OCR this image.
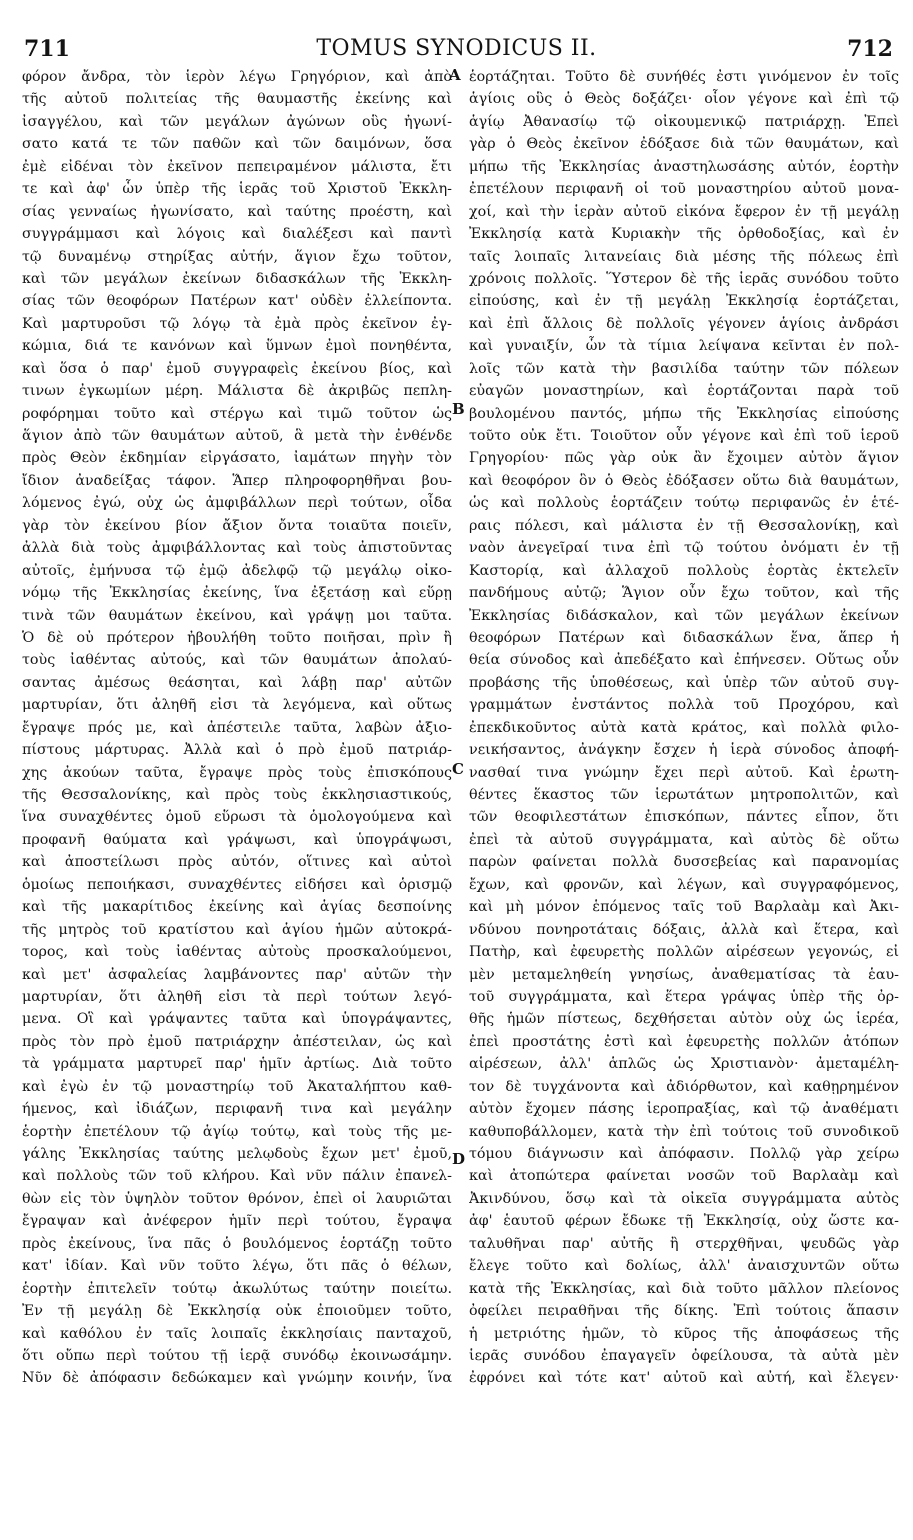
711	TOMUS SYNODICUS II.	712
φόρον ἄνδρα, τὸν ἱερὸν λέγω Γρηγόριον, καὶ ἀπὸ
τῆς αὐτοῦ πολιτείας τῆς θαυμαστῆς ἐκείνης καὶ
ἰσαγγέλου, καὶ τῶν μεγάλων ἀγώνων οὓς ἠγωνί-
σατο κατά τε τῶν παθῶν καὶ τῶν δαιμόνων, ὅσα
ἐμὲ εἰδέναι τὸν ἐκεῖνον πεπειραμένον μάλιστα, ἔτι
τε καὶ ἀφ' ὧν ὑπὲρ τῆς ἱερᾶς τοῦ Χριστοῦ Ἐκκλη-
σίας γενναίως ἠγωνίσατο, καὶ ταύτης προέστη, καὶ
συγγράμμασι καὶ λόγοις καὶ διαλέξεσι καὶ παντὶ
τῷ δυναμένῳ στηρίξας αὐτήν, ἅγιον ἔχω τοῦτον,
καὶ τῶν μεγάλων ἐκείνων διδασκάλων τῆς Ἐκκλη-
σίας τῶν θεοφόρων Πατέρων κατ' οὐδὲν ἐλλείποντα.
Καὶ μαρτυροῦσι τῷ λόγῳ τὰ ἐμὰ πρὸς ἐκεῖνον ἐγ-
κώμια, διά τε κανόνων καὶ ὕμνων ἐμοὶ πονηθέντα,
καὶ ὅσα ὁ παρ' ἐμοῦ συγγραφεὶς ἐκείνου βίος, καὶ
τινων ἐγκωμίων μέρη. Μάλιστα δὲ ἀκριβῶς πεπλη-
ροφόρημαι τοῦτο καὶ στέργω καὶ τιμῶ τοῦτον ὡς
ἅγιον ἀπὸ τῶν θαυμάτων αὐτοῦ, ἃ μετὰ τὴν ἐνθένδε
πρὸς Θεὸν ἐκδημίαν εἰργάσατο, ἰαμάτων πηγὴν τὸν
ἴδιον ἀναδείξας τάφον. Ἅπερ πληροφορηθῆναι βου-
λόμενος ἐγώ, οὐχ ὡς ἀμφιβάλλων περὶ τούτων, οἶδα
γὰρ τὸν ἐκείνου βίον ἄξιον ὄντα τοιαῦτα ποιεῖν,
ἀλλὰ διὰ τοὺς ἀμφιβάλλοντας καὶ τοὺς ἀπιστοῦντας
αὐτοῖς, ἐμήνυσα τῷ ἐμῷ ἀδελφῷ τῷ μεγάλῳ οἰκο-
νόμῳ τῆς Ἐκκλησίας ἐκείνης, ἵνα ἐξετάσῃ καὶ εὕρῃ
τινὰ τῶν θαυμάτων ἐκείνου, καὶ γράψῃ μοι ταῦτα.
Ὁ δὲ οὐ πρότερον ἠβουλήθη τοῦτο ποιῆσαι, πρὶν ἢ
τοὺς ἰαθέντας αὐτούς, καὶ τῶν θαυμάτων ἀπολαύ-
σαντας ἀμέσως θεάσηται, καὶ λάβῃ παρ' αὐτῶν
μαρτυρίαν, ὅτι ἀληθῆ εἰσι τὰ λεγόμενα, καὶ οὕτως
ἔγραψε πρός με, καὶ ἀπέστειλε ταῦτα, λαβὼν ἀξιο-
πίστους μάρτυρας. Ἀλλὰ καὶ ὁ πρὸ ἐμοῦ πατριάρ-
χης ἀκούων ταῦτα, ἔγραψε πρὸς τοὺς ἐπισκόπους
τῆς Θεσσαλονίκης, καὶ πρὸς τοὺς ἐκκλησιαστικούς,
ἵνα συναχθέντες ὁμοῦ εὕρωσι τὰ ὁμολογούμενα καὶ
προφανῆ θαύματα καὶ γράψωσι, καὶ ὑπογράψωσι,
καὶ ἀποστείλωσι πρὸς αὐτόν, οἵτινες καὶ αὐτοὶ
ὁμοίως πεποιήκασι, συναχθέντες εἰδήσει καὶ ὁρισμῷ
καὶ τῆς μακαρίτιδος ἐκείνης καὶ ἁγίας δεσποίνης
τῆς μητρὸς τοῦ κρατίστου καὶ ἁγίου ἡμῶν αὐτοκρά-
τορος, καὶ τοὺς ἰαθέντας αὐτοὺς προσκαλούμενοι,
καὶ μετ' ἀσφαλείας λαμβάνοντες παρ' αὐτῶν τὴν
μαρτυρίαν, ὅτι ἀληθῆ εἰσι τὰ περὶ τούτων λεγό-
μενα. Οἳ καὶ γράψαντες ταῦτα καὶ ὑπογράψαντες,
πρὸς τὸν πρὸ ἐμοῦ πατριάρχην ἀπέστειλαν, ὡς καὶ
τὰ γράμματα μαρτυρεῖ παρ' ἡμῖν ἀρτίως. Διὰ τοῦτο
καὶ ἐγὼ ἐν τῷ μοναστηρίῳ τοῦ Ἀκαταλήπτου καθ-
ήμενος, καὶ ἰδιάζων, περιφανῆ τινα καὶ μεγάλην
ἑορτὴν ἐπετέλουν τῷ ἁγίῳ τούτῳ, καὶ τοὺς τῆς με-
γάλης Ἐκκλησίας ταύτης μελῳδοὺς ἔχων μετ' ἐμοῦ,
καὶ πολλοὺς τῶν τοῦ κλήρου. Καὶ νῦν πάλιν ἐπανελ-
θὼν εἰς τὸν ὑψηλὸν τοῦτον θρόνον, ἐπεὶ οἱ λαυριῶται
ἔγραψαν καὶ ἀνέφερον ἡμῖν περὶ τούτου, ἔγραψα
πρὸς ἐκείνους, ἵνα πᾶς ὁ βουλόμενος ἑορτάζῃ τοῦτο
κατ' ἰδίαν. Καὶ νῦν τοῦτο λέγω, ὅτι πᾶς ὁ θέλων,
ἑορτὴν ἐπιτελεῖν τούτῳ ἀκωλύτως ταύτην ποιείτω.
Ἐν τῇ μεγάλῃ δὲ Ἐκκλησίᾳ οὐκ ἐποιοῦμεν τοῦτο,
καὶ καθόλου ἐν ταῖς λοιπαῖς ἐκκλησίαις πανταχοῦ,
ὅτι οὔπω περὶ τούτου τῇ ἱερᾷ συνόδῳ ἐκοινωσάμην.
Νῦν δὲ ἀπόφασιν δεδώκαμεν καὶ γνώμην κοινήν, ἵνα
ἑορτάζηται. Τοῦτο δὲ συνήθές ἐστι γινόμενον ἐν τοῖς
ἁγίοις οὓς ὁ Θεὸς δοξάζει· οἷον γέγονε καὶ ἐπὶ τῷ
ἁγίῳ Ἀθανασίῳ τῷ οἰκουμενικῷ πατριάρχῃ. Ἐπεὶ
γὰρ ὁ Θεὸς ἐκεῖνον ἐδόξασε διὰ τῶν θαυμάτων, καὶ
μήπω τῆς Ἐκκλησίας ἀναστηλωσάσης αὐτόν, ἑορτὴν
ἐπετέλουν περιφανῆ οἱ τοῦ μοναστηρίου αὐτοῦ μονα-
χοί, καὶ τὴν ἱερὰν αὐτοῦ εἰκόνα ἔφερον ἐν τῇ μεγάλῃ
Ἐκκλησίᾳ κατὰ Κυριακὴν τῆς ὀρθοδοξίας, καὶ ἐν
ταῖς λοιπαῖς λιτανείαις διὰ μέσης τῆς πόλεως ἐπὶ
χρόνοις πολλοῖς. Ὕστερον δὲ τῆς ἱερᾶς συνόδου τοῦτο
εἰπούσης, καὶ ἐν τῇ μεγάλῃ Ἐκκλησίᾳ ἑορτάζεται,
καὶ ἐπὶ ἄλλοις δὲ πολλοῖς γέγονεν ἁγίοις ἀνδράσι
καὶ γυναιξίν, ὧν τὰ τίμια λείψανα κεῖνται ἐν πολ-
λοῖς τῶν κατὰ τὴν βασιλίδα ταύτην τῶν πόλεων
εὐαγῶν μοναστηρίων, καὶ ἑορτάζονται παρὰ τοῦ
βουλομένου παντός, μήπω τῆς Ἐκκλησίας εἰπούσης
τοῦτο οὐκ ἔτι. Τοιοῦτον οὖν γέγονε καὶ ἐπὶ τοῦ ἱεροῦ
Γρηγορίου· πῶς γὰρ οὐκ ἂν ἔχοιμεν αὐτὸν ἅγιον
καὶ θεοφόρον ὃν ὁ Θεὸς ἐδόξασεν οὕτω διὰ θαυμάτων,
ὡς καὶ πολλοὺς ἑορτάζειν τούτῳ περιφανῶς ἐν ἑτέ-
ραις πόλεσι, καὶ μάλιστα ἐν τῇ Θεσσαλονίκῃ, καὶ
ναὸν ἀνεγεῖραί τινα ἐπὶ τῷ τούτου ὀνόματι ἐν τῇ
Καστορίᾳ, καὶ ἀλλαχοῦ πολλοὺς ἑορτὰς ἐκτελεῖν
πανδήμους αὐτῷ; Ἅγιον οὖν ἔχω τοῦτον, καὶ τῆς
Ἐκκλησίας διδάσκαλον, καὶ τῶν μεγάλων ἐκείνων
θεοφόρων Πατέρων καὶ διδασκάλων ἕνα, ἅπερ ἡ
θεία σύνοδος καὶ ἀπεδέξατο καὶ ἐπήνεσεν. Οὕτως οὖν
προβάσης τῆς ὑποθέσεως, καὶ ὑπὲρ τῶν αὐτοῦ συγ-
γραμμάτων ἐνστάντος πολλὰ τοῦ Προχόρου, καὶ
ἐπεκδικοῦντος αὐτὰ κατὰ κράτος, καὶ πολλὰ φιλο-
νεικήσαντος, ἀνάγκην ἔσχεν ἡ ἱερὰ σύνοδος ἀποφή-
νασθαί τινα γνώμην ἔχει περὶ αὐτοῦ. Καὶ ἐρωτη-
θέντες ἕκαστος τῶν ἱερωτάτων μητροπολιτῶν, καὶ
τῶν θεοφιλεστάτων ἐπισκόπων, πάντες εἶπον, ὅτι
ἐπεὶ τὰ αὐτοῦ συγγράμματα, καὶ αὐτὸς δὲ οὕτω
παρὼν φαίνεται πολλὰ δυσσεβείας καὶ παρανομίας
ἔχων, καὶ φρονῶν, καὶ λέγων, καὶ συγγραφόμενος,
καὶ μὴ μόνον ἑπόμενος ταῖς τοῦ Βαρλαὰμ καὶ Ἀκι-
νδύνου πονηροτάταις δόξαις, ἀλλὰ καὶ ἕτερα, καὶ
Πατὴρ, καὶ ἐφευρετὴς πολλῶν αἱρέσεων γεγονώς, εἰ
μὲν μεταμεληθείη γνησίως, ἀναθεματίσας τὰ ἑαυ-
τοῦ συγγράμματα, καὶ ἕτερα γράψας ὑπὲρ τῆς ὀρ-
θῆς ἡμῶν πίστεως, δεχθήσεται αὐτὸν οὐχ ὡς ἱερέα,
ἐπεὶ προστάτης ἐστὶ καὶ ἐφευρετὴς πολλῶν ἀτόπων
αἱρέσεων, ἀλλ' ἁπλῶς ὡς Χριστιανὸν· ἀμεταμέλη-
τον δὲ τυγχάνοντα καὶ ἀδιόρθωτον, καὶ καθῃρημένον
αὐτὸν ἔχομεν πάσης ἱεροπραξίας, καὶ τῷ ἀναθέματι
καθυποβάλλομεν, κατὰ τὴν ἐπὶ τούτοις τοῦ συνοδικοῦ
τόμου διάγνωσιν καὶ ἀπόφασιν. Πολλῷ γὰρ χείρω
καὶ ἀτοπώτερα φαίνεται νοσῶν τοῦ Βαρλαὰμ καὶ
Ἀκινδύνου, ὅσῳ καὶ τὰ οἰκεῖα συγγράμματα αὐτὸς
ἀφ' ἑαυτοῦ φέρων ἔδωκε τῇ Ἐκκλησίᾳ, οὐχ ὥστε κα-
ταλυθῆναι παρ' αὐτῆς ἢ στερχθῆναι, ψευδῶς γὰρ
ἔλεγε τοῦτο καὶ δολίως, ἀλλ' ἀναισχυντῶν οὕτω
κατὰ τῆς Ἐκκλησίας, καὶ διὰ τοῦτο μᾶλλον πλείονος
ὀφείλει πειραθῆναι τῆς δίκης. Ἐπὶ τούτοις ἅπασιν
ἡ μετριότης ἡμῶν, τὸ κῦρος τῆς ἀποφάσεως τῆς
ἱερᾶς συνόδου ἐπαγαγεῖν ὀφείλουσα, τὰ αὐτὰ μὲν
ἐφρόνει καὶ τότε κατ' αὐτοῦ καὶ αὐτή, καὶ ἔλεγεν·
A
B
C
D
